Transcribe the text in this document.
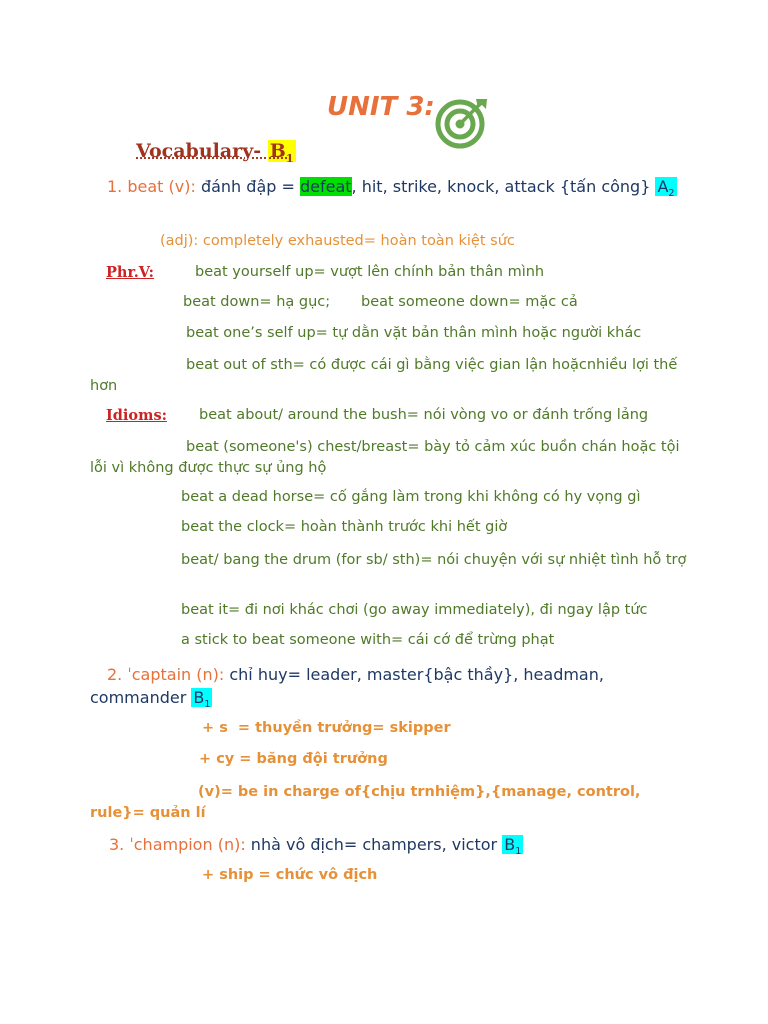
UNIT 3:
Vocabulary- $B_1$
1. beat (v): đánh đập = defeat, hit, strike, knock, attack {tấn công} $A_2$
(adj): completely exhausted= hoàn toàn kiệt sức
Phr.V:	beat yourself up= vượt lên chính bản thân mình
beat down= hạ gục; beat someone down= mặc cả
beat one’s self up= tự dằn vặt bản thân mình hoặc người khác
beat out of sth= có được cái gì bằng việc gian lận hoặcnhiều lợi thế hơn
Idioms: beat about/ around the bush= nói vòng vo or đánh trống lảng
beat (someone's) chest/breast= bày tỏ cảm xúc buồn chán hoặc tội lỗi vì không được thực sự ủng hộ
beat a dead horse= cố gắng làm trong khi không có hy vọng gì
beat the clock= hoàn thành trước khi hết giờ
beat/ bang the drum (for sb/ sth)= nói chuyện với sự nhiệt tình hỗ trợ
beat it= đi nơi khác chơi (go away immediately), đi ngay lập tức
a stick to beat someone with= cái cớ để trừng phạt
2. ˈcaptain (n): chỉ huy= leader, master{bậc thầy}, headman, commander $B_1$
+ s  = thuyền trưởng= skipper
+ cy = băng đội trưởng
(v)= be in charge of{chịu trnhiệm},{manage, control, rule}= quản lí
3. ˈchampion (n): nhà vô địch= champers, victor $B_1$
+ ship = chức vô địch
